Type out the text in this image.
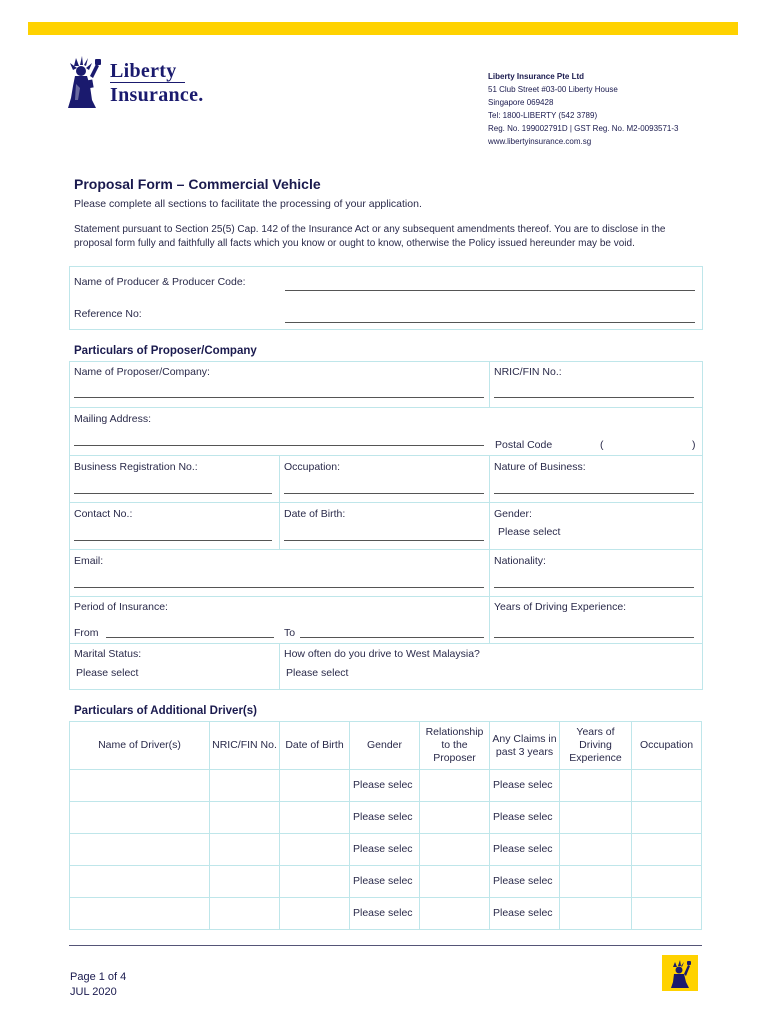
Liberty
Insurance.
Liberty Insurance Pte Ltd
51 Club Street #03-00 Liberty House
Singapore 069428
Tel: 1800-LIBERTY (542 3789)
Reg. No. 199002791D | GST Reg. No. M2-0093571-3
www.libertyinsurance.com.sg
Proposal Form – Commercial Vehicle
Please complete all sections to facilitate the processing of your application.
Statement pursuant to Section 25(5) Cap. 142 of the Insurance Act or any subsequent amendments thereof. You are to disclose in the proposal form fully and faithfully all facts which you know or ought to know, otherwise the Policy issued hereunder may be void.
Name of Producer & Producer Code:
Reference No:
Particulars of Proposer/Company
Name of Proposer/Company:	NRIC/FIN No.:
Mailing Address:
Postal Code	(	)
Business Registration No.:	Occupation:	Nature of Business:
Contact No.:	Date of Birth:	Gender:
Please select
Email:	Nationality:
Period of Insurance:
From	To
Years of Driving Experience:
Marital Status:
Please select
How often do you drive to West Malaysia?
Please select
Particulars of Additional Driver(s)
Name of Driver(s)	NRIC/FIN No.	Date of Birth	Gender	Relationship to the Proposer	Any Claims in past 3 years	Years of Driving Experience	Occupation
			Please selec		Please selec		
			Please selec		Please selec		
			Please selec		Please selec		
			Please selec		Please selec		
			Please selec		Please selec		
Page 1 of 4
JUL 2020
